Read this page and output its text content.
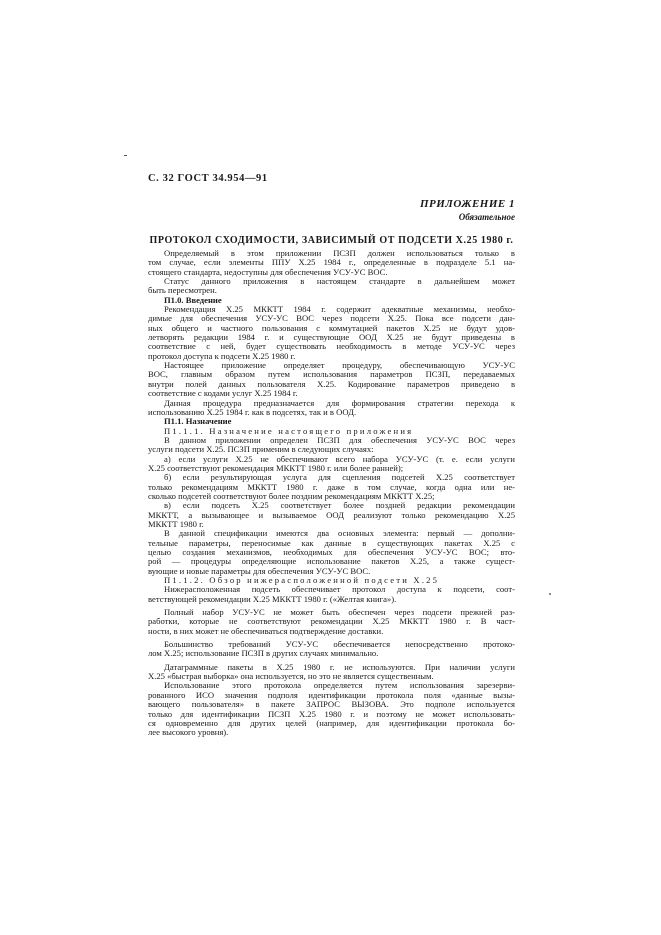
С. 32 ГОСТ 34.954—91
ПРИЛОЖЕНИЕ 1
Обязательное
ПРОТОКОЛ СХОДИМОСТИ, ЗАВИСИМЫЙ ОТ ПОДСЕТИ X.25 1980 г.
Определяемый в этом приложении ПСЗП должен использоваться только в
том случае, если элементы ППУ X.25 1984 г., определенные в подразделе 5.1 на-
стоящего стандарта, недоступны для обеспечения УСУ-УС ВОС.
Статус данного приложения в настоящем стандарте в дальнейшем может
быть пересмотрен.
П1.0. Введение
Рекомендация X.25 МККТТ 1984 г. содержит адекватные механизмы, необхо-
димые для обеспечения УСУ-УС ВОС через подсети X.25. Пока все подсети дан-
ных общего и частного пользования с коммутацией пакетов X.25 не будут удов-
летворять редакции 1984 г. и существующие ООД X.25 не будут приведены в
соответствие с ней, будет существовать необходимость в методе УСУ-УС через
протокол доступа к подсети X.25 1980 г.
Настоящее приложение определяет процедуру, обеспечивающую УСУ-УС
ВОС, главным образом путем использования параметров ПСЗП, передаваемых
внутри полей данных пользователя X.25. Кодирование параметров приведено в
соответствие с кодами услуг X.25 1984 г.
Данная процедура предназначается для формирования стратегии перехода к
использованию X.25 1984 г. как в подсетях, так и в ООД.
П1.1. Назначение
П1.1.1. Назначение настоящего приложения
В данном приложении определен ПСЗП для обеспечения УСУ-УС ВОС через
услуги подсети X.25. ПСЗП применим в следующих случаях:
а) если услуги X.25 не обеспечивают всего набора УСУ-УС (т. е. если услуги
X.25 соответствуют рекомендация МККТТ 1980 г. или более ранней);
б) если результирующая услуга для сцепления подсетей X.25 соответствует
только рекомендациям МККТТ 1980 г. даже в том случае, когда одна или не-
сколько подсетей соответствуют более поздним рекомендациям МККТТ X.25;
в) если подсеть X.25 соответствует более поздней редакции рекомендации
МККТТ, а вызывающее и вызываемое ООД реализуют только рекомендацию X.25
МККТТ 1980 г.
В данной спецификации имеются два основных элемента: первый — дополни-
тельные параметры, переносимые как данные в существующих пакетах X.25 с
целью создания механизмов, необходимых для обеспечения УСУ-УС ВОС; вто-
рой — процедуры определяющие использование пакетов X.25, а также сущест-
вующие и новые параметры для обеспечения УСУ-УС ВОС.
П1.1.2. Обзор нижерасположенной подсети X.25
Нижерасположенная подсеть обеспечивает протокол доступа к подсети, соот-
ветствующей рекомендации X.25 МККТТ 1980 г. («Желтая книга»).
Полный набор УСУ-УС не может быть обеспечен через подсети прежней раз-
работки, которые не соответствуют рекомендации X.25 МККТТ 1980 г. В част-
ности, в них может не обеспечиваться подтверждение доставки.
Большинство требований УСУ-УС обеспечивается непосредственно протоко-
лом X.25; использование ПСЗП в других случаях минимально.
Датаграммные пакеты в X.25 1980 г. не используются. При наличии услуги
X.25 «быстрая выборка» она используется, но это не является существенным.
Использование этого протокола определяется путем использования зарезерви-
рованного ИСО значения подполя идентификации протокола поля «данные вызы-
вающего пользователя» в пакете ЗАПРОС ВЫЗОВА. Это подполе используется
только для идентификации ПСЗП X.25 1980 г. и поэтому не может использовать-
ся одновременно для других целей (например, для идентификации протокола бо-
лее высокого уровня).
